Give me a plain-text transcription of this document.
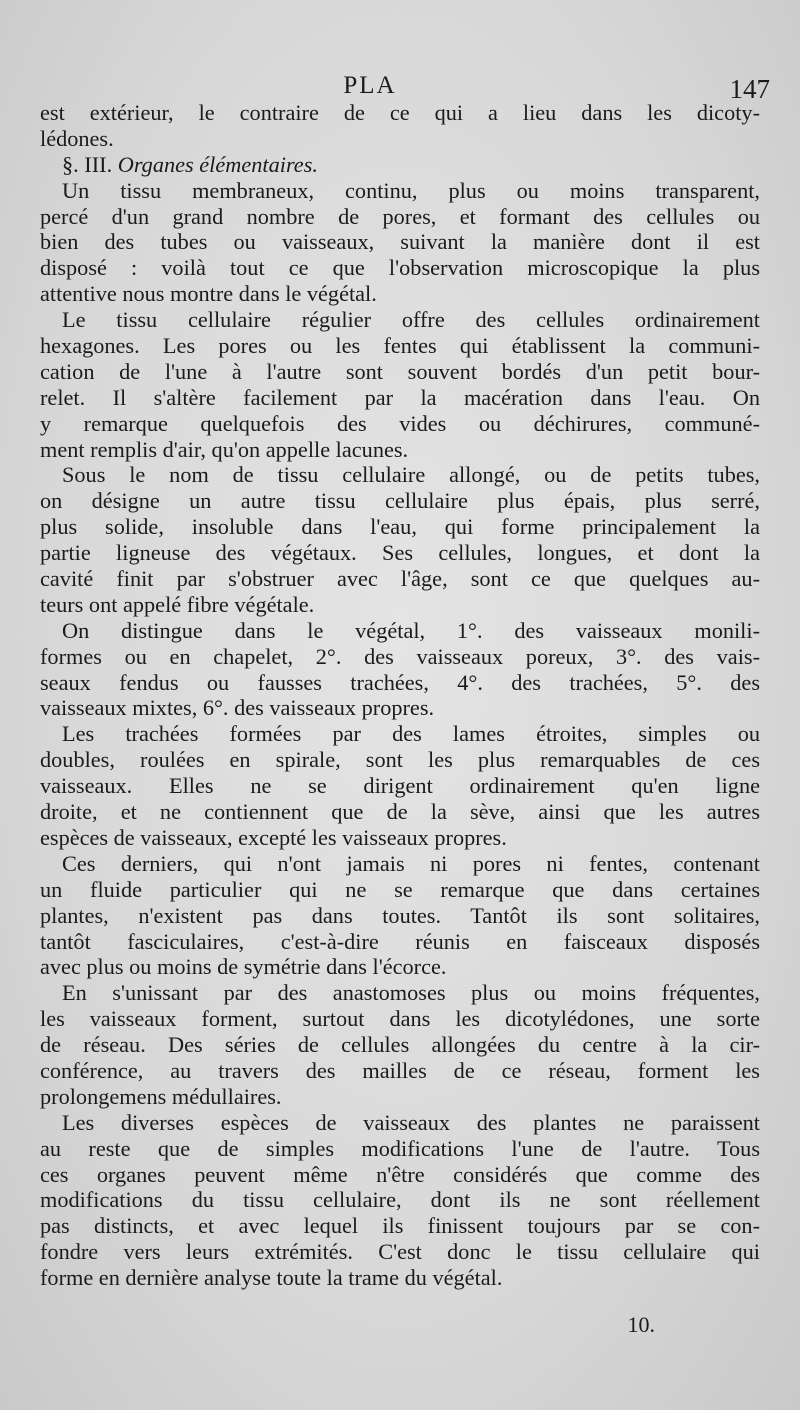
PLA	147
est extérieur, le contraire de ce qui a lieu dans les dicoty-
lédones.
§. III. Organes élémentaires.
Un tissu membraneux, continu, plus ou moins transparent,
percé d'un grand nombre de pores, et formant des cellules ou
bien des tubes ou vaisseaux, suivant la manière dont il est
disposé : voilà tout ce que l'observation microscopique la plus
attentive nous montre dans le végétal.
Le tissu cellulaire régulier offre des cellules ordinairement
hexagones. Les pores ou les fentes qui établissent la communi-
cation de l'une à l'autre sont souvent bordés d'un petit bour-
relet. Il s'altère facilement par la macération dans l'eau. On
y remarque quelquefois des vides ou déchirures, communé-
ment remplis d'air, qu'on appelle lacunes.
Sous le nom de tissu cellulaire allongé, ou de petits tubes,
on désigne un autre tissu cellulaire plus épais, plus serré,
plus solide, insoluble dans l'eau, qui forme principalement la
partie ligneuse des végétaux. Ses cellules, longues, et dont la
cavité finit par s'obstruer avec l'âge, sont ce que quelques au-
teurs ont appelé fibre végétale.
On distingue dans le végétal, 1°. des vaisseaux monili-
formes ou en chapelet, 2°. des vaisseaux poreux, 3°. des vais-
seaux fendus ou fausses trachées, 4°. des trachées, 5°. des
vaisseaux mixtes, 6°. des vaisseaux propres.
Les trachées formées par des lames étroites, simples ou
doubles, roulées en spirale, sont les plus remarquables de ces
vaisseaux. Elles ne se dirigent ordinairement qu'en ligne
droite, et ne contiennent que de la sève, ainsi que les autres
espèces de vaisseaux, excepté les vaisseaux propres.
Ces derniers, qui n'ont jamais ni pores ni fentes, contenant
un fluide particulier qui ne se remarque que dans certaines
plantes, n'existent pas dans toutes. Tantôt ils sont solitaires,
tantôt fasciculaires, c'est-à-dire réunis en faisceaux disposés
avec plus ou moins de symétrie dans l'écorce.
En s'unissant par des anastomoses plus ou moins fréquentes,
les vaisseaux forment, surtout dans les dicotylédones, une sorte
de réseau. Des séries de cellules allongées du centre à la cir-
conférence, au travers des mailles de ce réseau, forment les
prolongemens médullaires.
Les diverses espèces de vaisseaux des plantes ne paraissent
au reste que de simples modifications l'une de l'autre. Tous
ces organes peuvent même n'être considérés que comme des
modifications du tissu cellulaire, dont ils ne sont réellement
pas distincts, et avec lequel ils finissent toujours par se con-
fondre vers leurs extrémités. C'est donc le tissu cellulaire qui
forme en dernière analyse toute la trame du végétal.
10.
